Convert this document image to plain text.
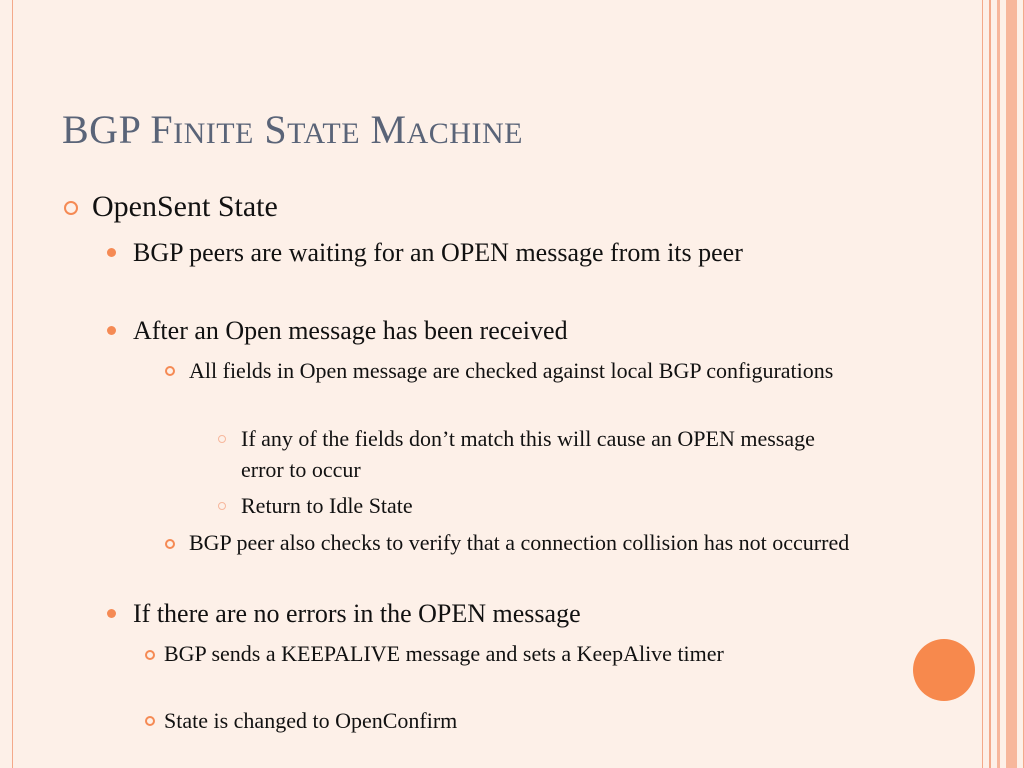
BGP FINITE STATE MACHINE
OpenSent State
BGP peers are waiting for an OPEN message from its peer
After an Open message has been received
All fields in Open message are checked against local BGP configurations
If any of the fields don’t match this will cause an OPEN message error to occur
Return to Idle State
BGP peer also checks to verify that a connection collision has not occurred
If there are no errors in the OPEN message
BGP sends a KEEPALIVE message and sets a KeepAlive timer
State is changed to OpenConfirm
